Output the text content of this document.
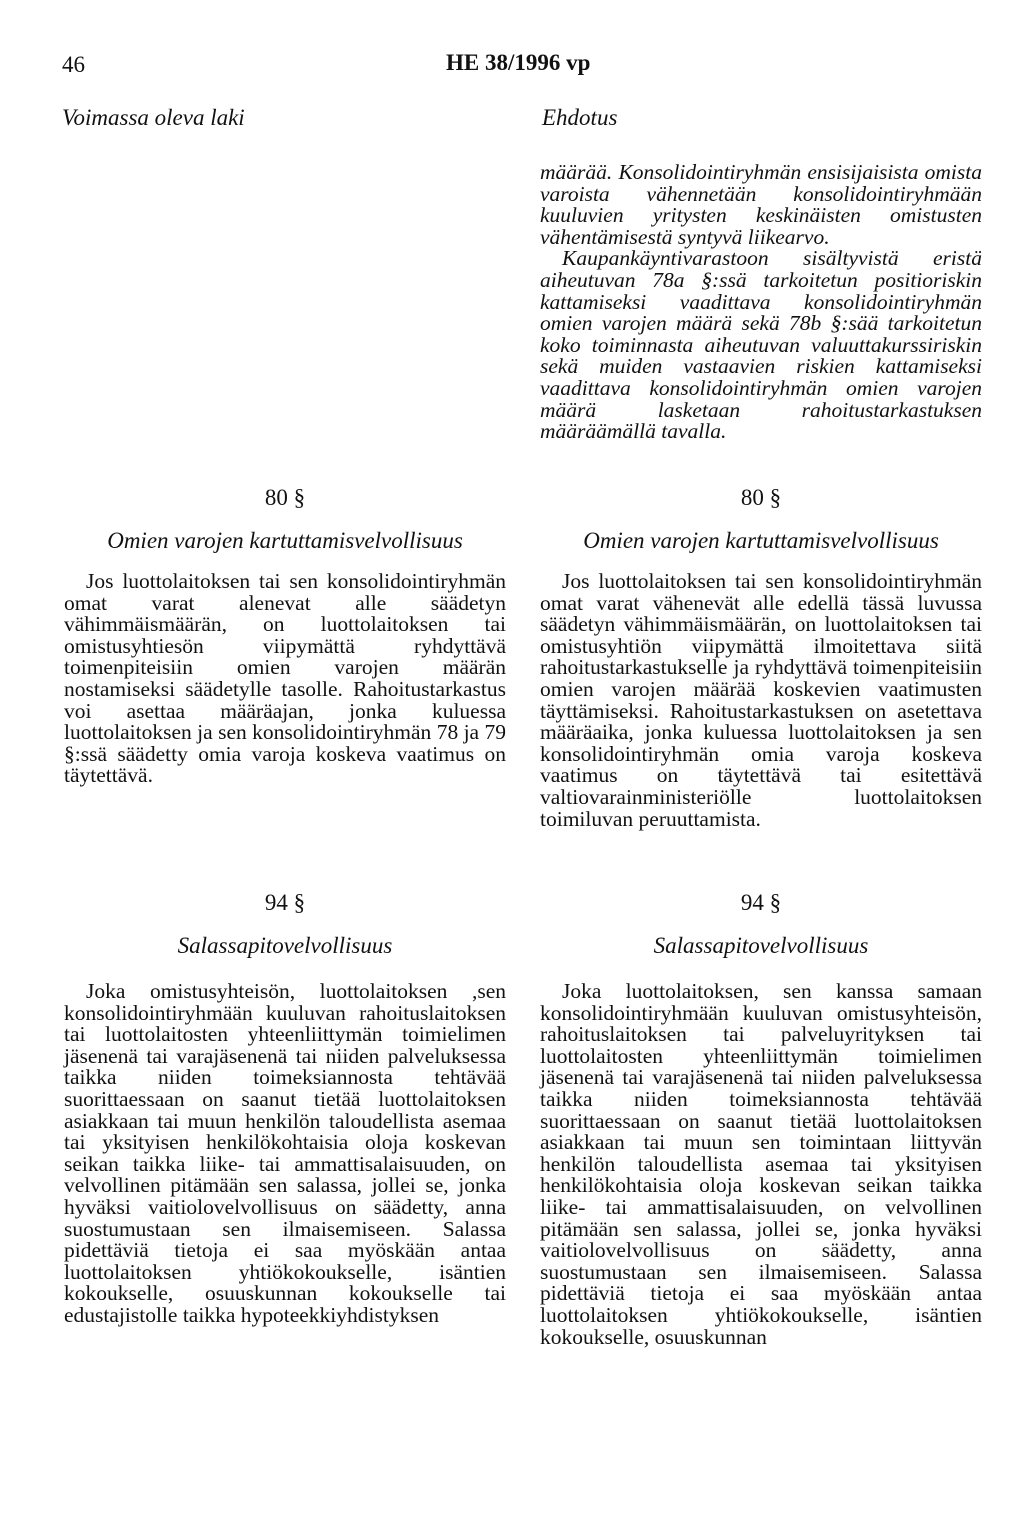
46	HE 38/1996 vp
Voimassa oleva laki	Ehdotus

määrää. Konsolidointiryhmän ensisijaisista omista varoista vähennetään konsolidointiryhmään kuuluvien yritysten keskinäisten omistusten vähentämisestä syntyvä liikearvo.

Kaupankäyntivarastoon sisältyvistä eristä aiheutuvan 78a §:ssä tarkoitetun positioriskin kattamiseksi vaadittava konsolidointiryhmän omien varojen määrä sekä 78b §:sää tarkoitetun koko toiminnasta aiheutuvan valuuttakurssiriskin sekä muiden vastaavien riskien kattamiseksi vaadittava konsolidointiryhmän omien varojen määrä lasketaan rahoitustarkastuksen määräämällä tavalla.

80 §	80 §
Omien varojen kartuttamisvelvollisuus	Omien varojen kartuttamisvelvollisuus

Jos luottolaitoksen tai sen konsolidointiryhmän omat varat alenevat alle säädetyn vähimmäismäärän, on luottolaitoksen tai omistusyhtiesön viipymättä ryhdyttävä toimenpiteisiin omien varojen määrän nostamiseksi säädetylle tasolle. Rahoitustarkastus voi asettaa määräajan, jonka kuluessa luottolaitoksen ja sen konsolidointiryhmän 78 ja 79 §:ssä säädetty omia varoja koskeva vaatimus on täytettävä.

Jos luottolaitoksen tai sen konsolidointiryhmän omat varat vähenevät alle edellä tässä luvussa säädetyn vähimmäismäärän, on luottolaitoksen tai omistusyhtiön viipymättä ilmoitettava siitä rahoitustarkastukselle ja ryhdyttävä toimenpiteisiin omien varojen määrää koskevien vaatimusten täyttämiseksi. Rahoitustarkastuksen on asetettava määräaika, jonka kuluessa luottolaitoksen ja sen konsolidointiryhmän omia varoja koskeva vaatimus on täytettävä tai esitettävä valtiovarainministeriölle luottolaitoksen toimiluvan peruuttamista.

94 §	94 §
Salassapitovelvollisuus	Salassapitovelvollisuus

Joka omistusyhteisön, luottolaitoksen ,sen konsolidointiryhmään kuuluvan rahoituslaitoksen tai luottolaitosten yhteenliittymän toimielimen jäsenenä tai varajäsenenä tai niiden palveluksessa taikka niiden toimeksiannosta tehtävää suorittaessaan on saanut tietää luottolaitoksen asiakkaan tai muun henkilön taloudellista asemaa tai yksityisen henkilökohtaisia oloja koskevan seikan taikka liike- tai ammattisalaisuuden, on velvollinen pitämään sen salassa, jollei se, jonka hyväksi vaitiolovelvollisuus on säädetty, anna suostumustaan sen ilmaisemiseen. Salassa pidettäviä tietoja ei saa myöskään antaa luottolaitoksen yhtiökokoukselle, isäntien kokoukselle, osuuskunnan kokoukselle tai edustajistolle taikka hypoteekkiyhdistyksen

Joka luottolaitoksen, sen kanssa samaan konsolidointiryhmään kuuluvan omistusyhteisön, rahoituslaitoksen tai palveluyrityksen tai luottolaitosten yhteenliittymän toimielimen jäsenenä tai varajäsenenä tai niiden palveluksessa taikka niiden toimeksiannosta tehtävää suorittaessaan on saanut tietää luottolaitoksen asiakkaan tai muun sen toimintaan liittyvän henkilön taloudellista asemaa tai yksityisen henkilökohtaisia oloja koskevan seikan taikka liike- tai ammattisalaisuuden, on velvollinen pitämään sen salassa, jollei se, jonka hyväksi vaitiolovelvollisuus on säädetty, anna suostumustaan sen ilmaisemiseen. Salassa pidettäviä tietoja ei saa myöskään antaa luottolaitoksen yhtiökokoukselle, isäntien kokoukselle, osuuskunnan
